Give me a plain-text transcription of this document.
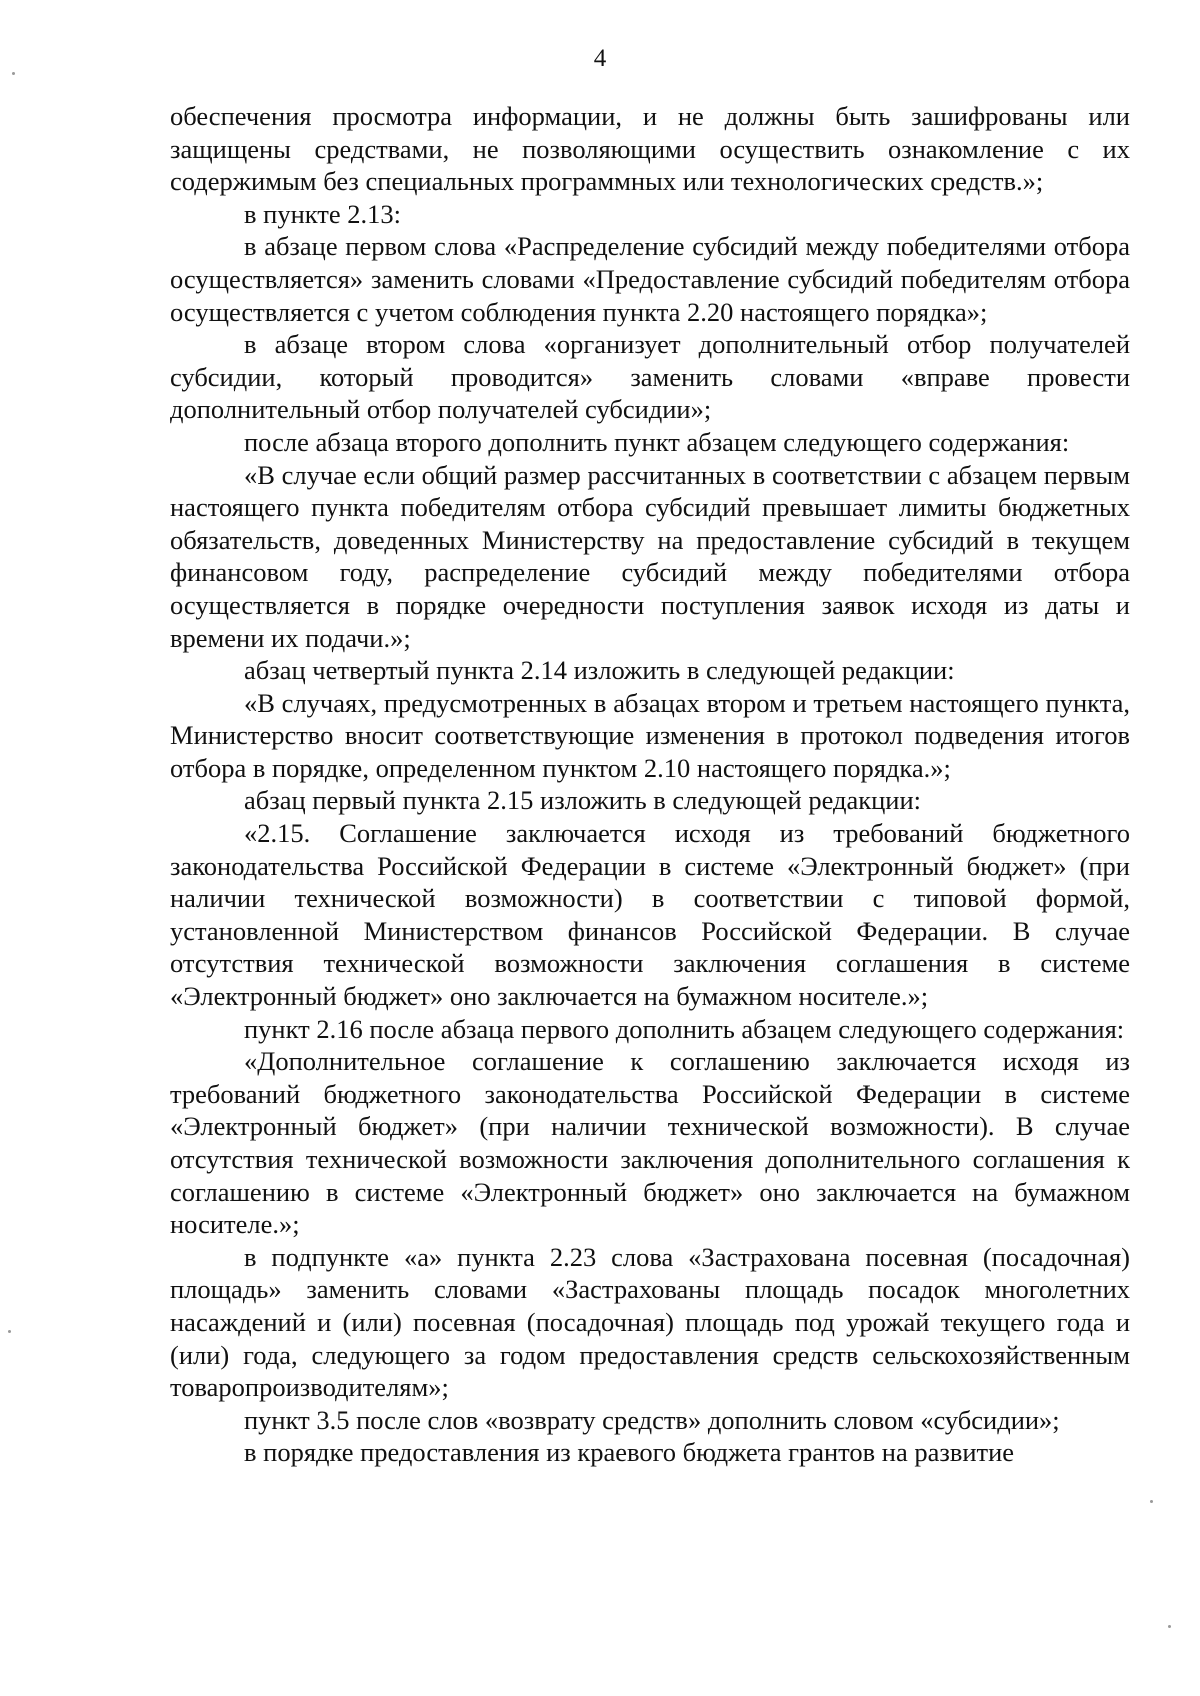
4

обеспечения просмотра информации, и не должны быть зашифрованы или защищены средствами, не позволяющими осуществить ознакомление с их содержимым без специальных программных или технологических средств.»;

в пункте 2.13:

в абзаце первом слова «Распределение субсидий между победителями отбора осуществляется» заменить словами «Предоставление субсидий победителям отбора осуществляется с учетом соблюдения пункта 2.20 настоящего порядка»;

в абзаце втором слова «организует дополнительный отбор получателей субсидии, который проводится» заменить словами «вправе провести дополнительный отбор получателей субсидии»;

после абзаца второго дополнить пункт абзацем следующего содержания:

«В случае если общий размер рассчитанных в соответствии с абзацем первым настоящего пункта победителям отбора субсидий превышает лимиты бюджетных обязательств, доведенных Министерству на предоставление субсидий в текущем финансовом году, распределение субсидий между победителями отбора осуществляется в порядке очередности поступления заявок исходя из даты и времени их подачи.»;

абзац четвертый пункта 2.14 изложить в следующей редакции:

«В случаях, предусмотренных в абзацах втором и третьем настоящего пункта, Министерство вносит соответствующие изменения в протокол подведения итогов отбора в порядке, определенном пунктом 2.10 настоящего порядка.»;

абзац первый пункта 2.15 изложить в следующей редакции:

«2.15. Соглашение заключается исходя из требований бюджетного законодательства Российской Федерации в системе «Электронный бюджет» (при наличии технической возможности) в соответствии с типовой формой, установленной Министерством финансов Российской Федерации. В случае отсутствия технической возможности заключения соглашения в системе «Электронный бюджет» оно заключается на бумажном носителе.»;

пункт 2.16 после абзаца первого дополнить абзацем следующего содержания:

«Дополнительное соглашение к соглашению заключается исходя из требований бюджетного законодательства Российской Федерации в системе «Электронный бюджет» (при наличии технической возможности). В случае отсутствия технической возможности заключения дополнительного соглашения к соглашению в системе «Электронный бюджет» оно заключается на бумажном носителе.»;

в подпункте «а» пункта 2.23 слова «Застрахована посевная (посадочная) площадь» заменить словами «Застрахованы площадь посадок многолетних насаждений и (или) посевная (посадочная) площадь под урожай текущего года и (или) года, следующего за годом предоставления средств сельскохозяйственным товаропроизводителям»;

пункт 3.5 после слов «возврату средств» дополнить словом «субсидии»;

в порядке предоставления из краевого бюджета грантов на развитие
